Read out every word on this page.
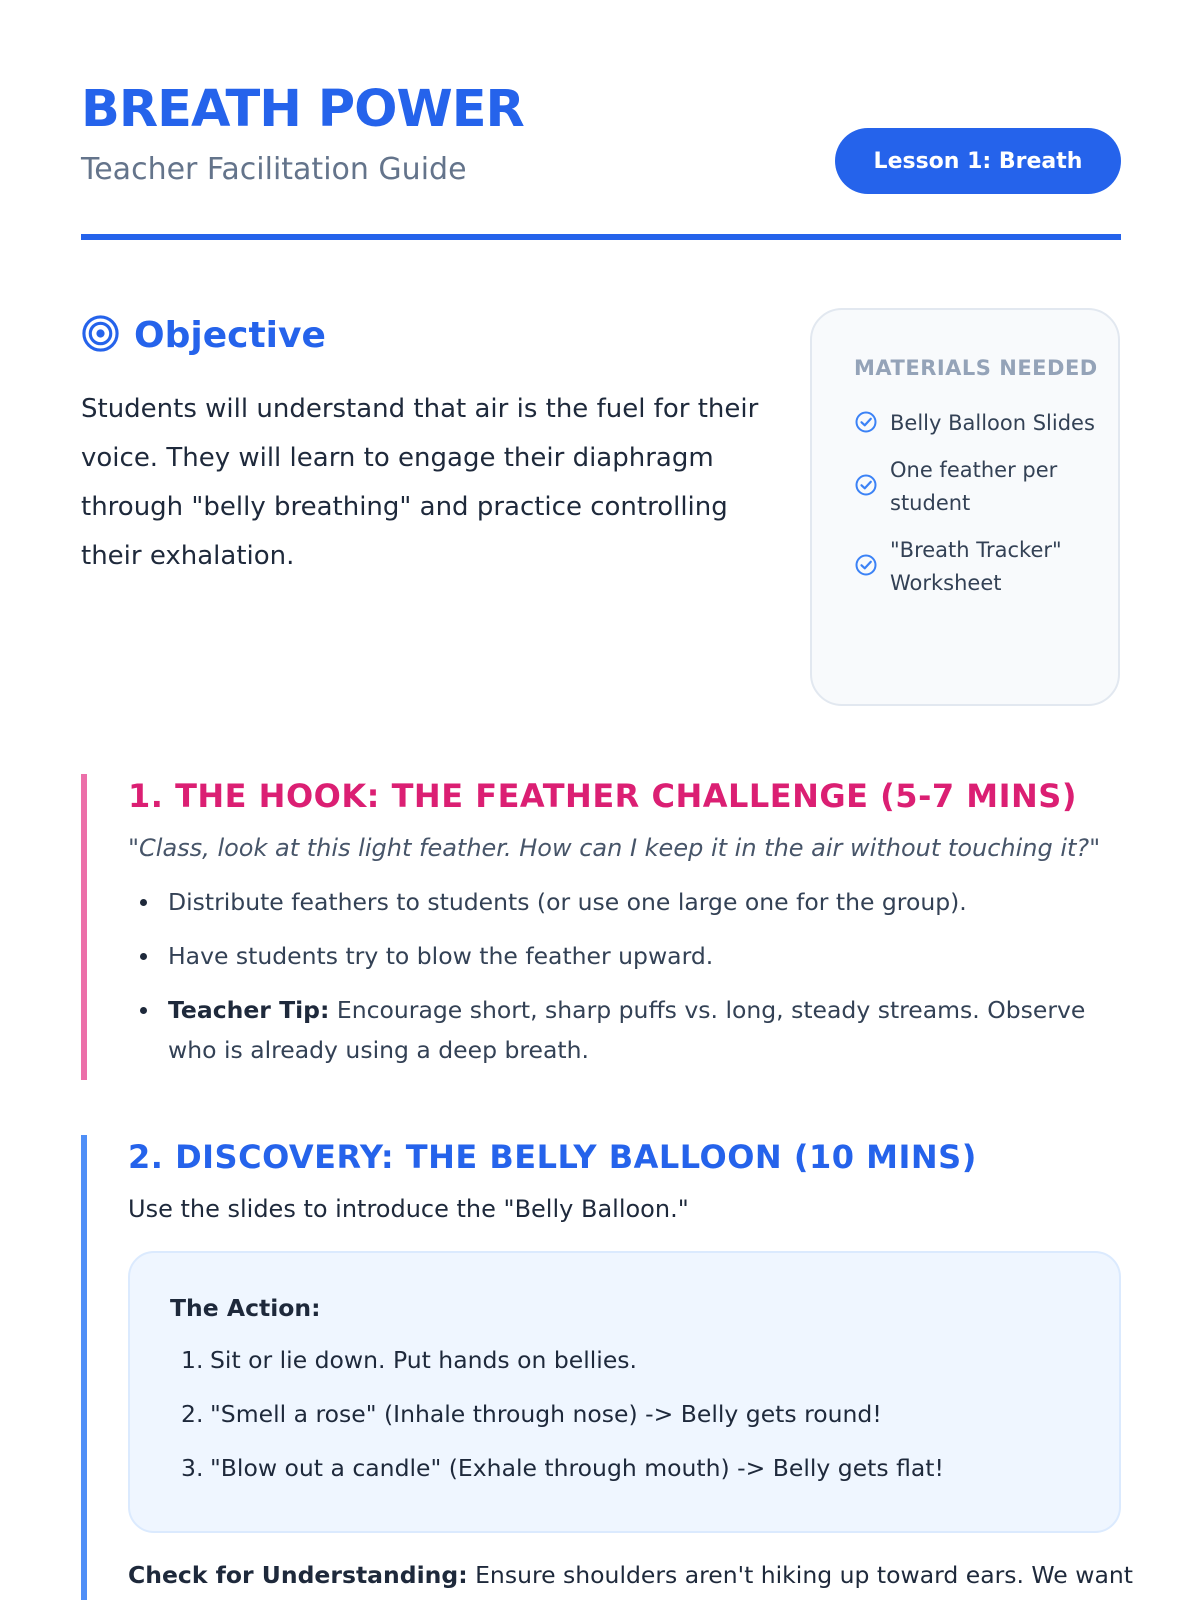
BREATH POWER
Teacher Facilitation Guide	Lesson 1: Breath
Objective

Students will understand that air is the fuel for their voice. They will learn to engage their diaphragm through "belly breathing" and practice controlling their exhalation.

MATERIALS NEEDED
Belly Balloon Slides
One feather per student
"Breath Tracker" Worksheet
1. THE HOOK: THE FEATHER CHALLENGE (5-7 MINS)

"Class, look at this light feather. How can I keep it in the air without touching it?"

Distribute feathers to students (or use one large one for the group).
Have students try to blow the feather upward.
Teacher Tip: Encourage short, sharp puffs vs. long, steady streams. Observe who is already using a deep breath.
2. DISCOVERY: THE BELLY BALLOON (10 MINS)

Use the slides to introduce the "Belly Balloon."

The Action:
1. Sit or lie down. Put hands on bellies.
2. "Smell a rose" (Inhale through nose) -> Belly gets round!
3. "Blow out a candle" (Exhale through mouth) -> Belly gets flat!

Check for Understanding: Ensure shoulders aren't hiking up toward ears. We want
